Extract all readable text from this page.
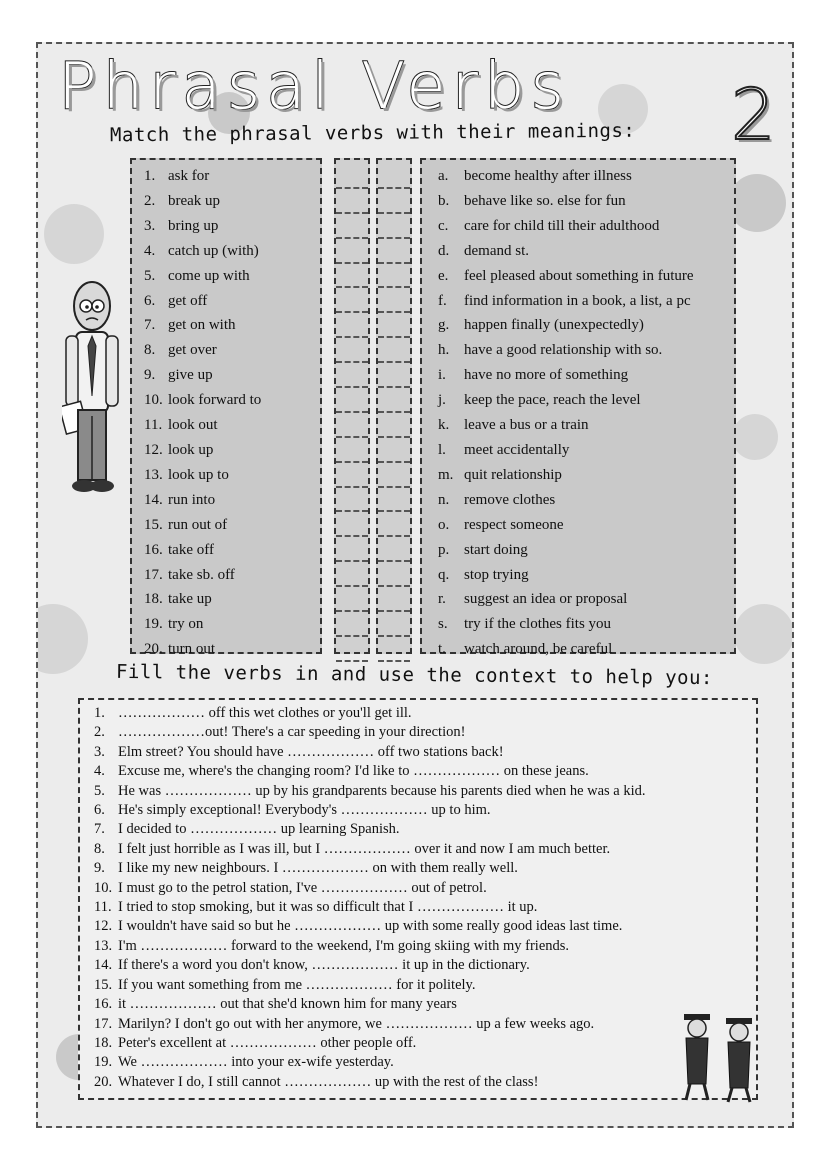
Phrasal Verbs	2
Match the phrasal verbs with their meanings:
1. ask for
2. break up
3. bring up
4. catch up (with)
5. come up with
6. get off
7. get on with
8. get over
9. give up
10. look forward to
11. look out
12. look up
13. look up to
14. run into
15. run out of
16. take off
17. take sb. off
18. take up
19. try on
20. turn out
a. become healthy after illness
b. behave like so. else for fun
c. care for child till their adulthood
d. demand st.
e. feel pleased about something in future
f. find information in a book, a list, a pc
g. happen finally (unexpectedly)
h. have a good relationship with so.
i. have no more of something
j. keep the pace, reach the level
k. leave a bus or a train
l. meet accidentally
m. quit relationship
n. remove clothes
o. respect someone
p. start doing
q. stop trying
r. suggest an idea or proposal
s. try if the clothes fits you
t. watch around, be careful
Fill the verbs in and use the context to help you:
1. ……………… off this wet clothes or you'll get ill.
2. ………………out! There's a car speeding in your direction!
3. Elm street? You should have ……………… off two stations back!
4. Excuse me, where's the changing room? I'd like to ……………… on these jeans.
5. He was ……………… up by his grandparents because his parents died when he was a kid.
6. He's simply exceptional! Everybody's ……………… up to him.
7. I decided to ……………… up learning Spanish.
8. I felt just horrible as I was ill, but I ……………… over it and now I am much better.
9. I like my new neighbours. I ……………… on with them really well.
10. I must go to the petrol station, I've ……………… out of petrol.
11. I tried to stop smoking, but it was so difficult that I ……………… it up.
12. I wouldn't have said so but he ……………… up with some really good ideas last time.
13. I'm ……………… forward to the weekend, I'm going skiing with my friends.
14. If there's a word you don't know, ……………… it up in the dictionary.
15. If you want something from me ……………… for it politely.
16. it ……………… out that she'd known him for many years
17. Marilyn? I don't go out with her anymore, we ……………… up a few weeks ago.
18. Peter's excellent at ……………… other people off.
19. We ……………… into your ex-wife yesterday.
20. Whatever I do, I still cannot ……………… up with the rest of the class!
